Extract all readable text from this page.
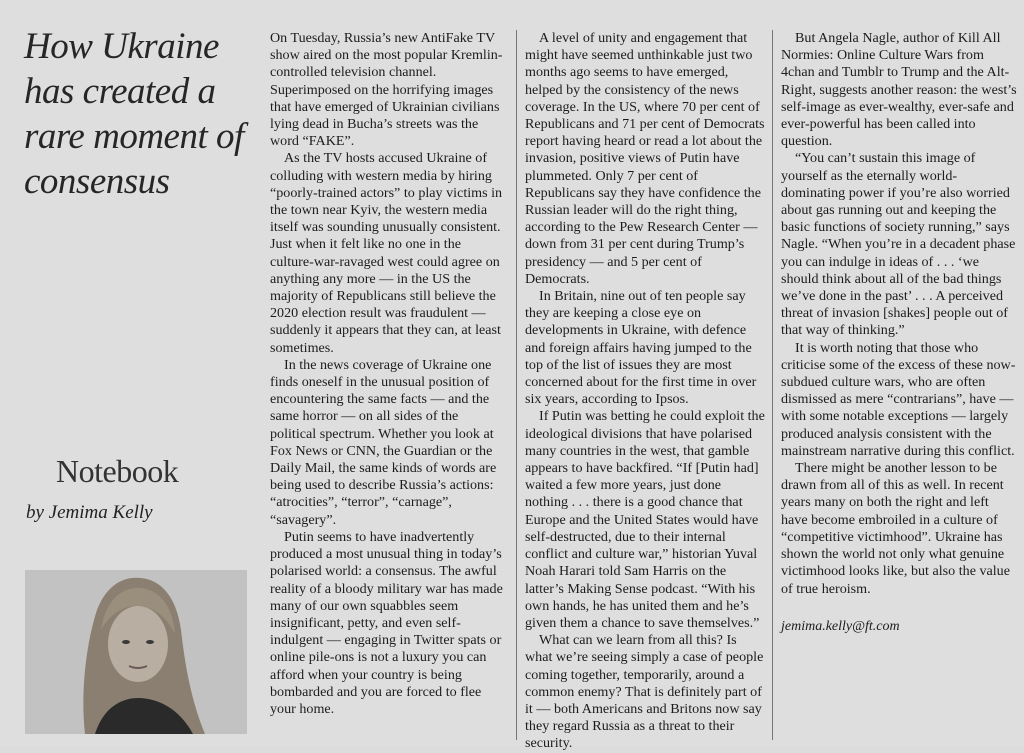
How Ukraine has created a rare moment of consensus
Notebook
by Jemima Kelly

On Tuesday, Russia’s new AntiFake TV show aired on the most popular Kremlin-controlled television channel. Superimposed on the horrifying images that have emerged of Ukrainian civilians lying dead in Bucha’s streets was the word “FAKE”.

As the TV hosts accused Ukraine of colluding with western media by hiring “poorly-trained actors” to play victims in the town near Kyiv, the western media itself was sounding unusually consistent. Just when it felt like no one in the culture-war-ravaged west could agree on anything any more — in the US the majority of Republicans still believe the 2020 election result was fraudulent — suddenly it appears that they can, at least sometimes.

In the news coverage of Ukraine one finds oneself in the unusual position of encountering the same facts — and the same horror — on all sides of the political spectrum. Whether you look at Fox News or CNN, the Guardian or the Daily Mail, the same kinds of words are being used to describe Russia’s actions: “atrocities”, “terror”, “carnage”, “savagery”.

Putin seems to have inadvertently produced a most unusual thing in today’s polarised world: a consensus. The awful reality of a bloody military war has made many of our own squabbles seem insignificant, petty, and even self-indulgent — engaging in Twitter spats or online pile-ons is not a luxury you can afford when your country is being bombarded and you are forced to flee your home.

A level of unity and engagement that might have seemed unthinkable just two months ago seems to have emerged, helped by the consistency of the news coverage. In the US, where 70 per cent of Republicans and 71 per cent of Democrats report having heard or read a lot about the invasion, positive views of Putin have plummeted. Only 7 per cent of Republicans say they have confidence the Russian leader will do the right thing, according to the Pew Research Center — down from 31 per cent during Trump’s presidency — and 5 per cent of Democrats.

In Britain, nine out of ten people say they are keeping a close eye on developments in Ukraine, with defence and foreign affairs having jumped to the top of the list of issues they are most concerned about for the first time in over six years, according to Ipsos.

If Putin was betting he could exploit the ideological divisions that have polarised many countries in the west, that gamble appears to have backfired. “If [Putin had] waited a few more years, just done nothing . . . there is a good chance that Europe and the United States would have self-destructed, due to their internal conflict and culture war,” historian Yuval Noah Harari told Sam Harris on the latter’s Making Sense podcast. “With his own hands, he has united them and he’s given them a chance to save themselves.”

What can we learn from all this? Is what we’re seeing simply a case of people coming together, temporarily, around a common enemy? That is definitely part of it — both Americans and Britons now say they regard Russia as a threat to their security.

But Angela Nagle, author of Kill All Normies: Online Culture Wars from 4chan and Tumblr to Trump and the Alt-Right, suggests another reason: the west’s self-image as ever-wealthy, ever-safe and ever-powerful has been called into question.

“You can’t sustain this image of yourself as the eternally world-dominating power if you’re also worried about gas running out and keeping the basic functions of society running,” says Nagle. “When you’re in a decadent phase you can indulge in ideas of . . . ‘we should think about all of the bad things we’ve done in the past’ . . . A perceived threat of invasion [shakes] people out of that way of thinking.”

It is worth noting that those who criticise some of the excess of these now-subdued culture wars, who are often dismissed as mere “contrarians”, have — with some notable exceptions — largely produced analysis consistent with the mainstream narrative during this conflict.

There might be another lesson to be drawn from all of this as well. In recent years many on both the right and left have become embroiled in a culture of “competitive victimhood”. Ukraine has shown the world not only what genuine victimhood looks like, but also the value of true heroism.

jemima.kelly@ft.com
